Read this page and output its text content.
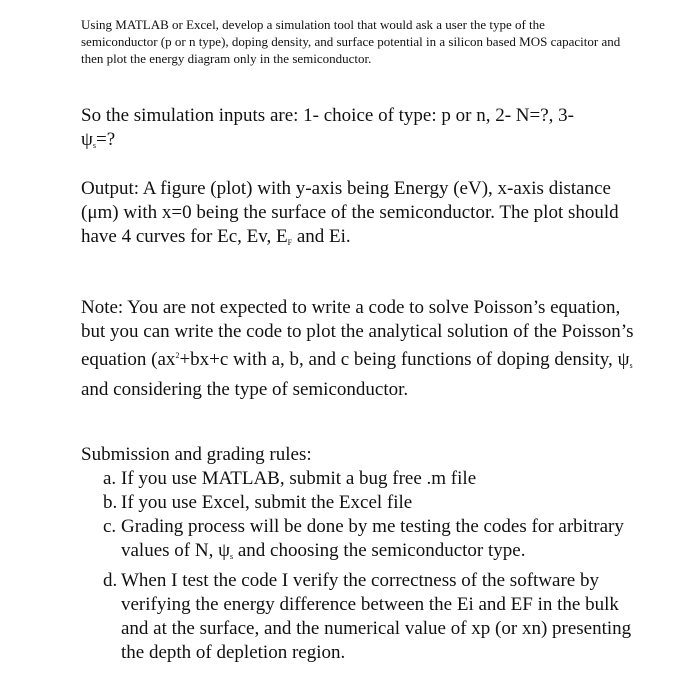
Using MATLAB or Excel, develop a simulation tool that would ask a user the type of the semiconductor (p or n type), doping density, and surface potential in a silicon based MOS capacitor and then plot the energy diagram only in the semiconductor.
So the simulation inputs are: 1- choice of type: p or n, 2- N=?, 3-
$\psi_s=$?
Output: A figure (plot) with y-axis being Energy (eV), x-axis distance (μm) with x=0 being the surface of the semiconductor. The plot should have 4 curves for Ec, Ev, $E_F$ and Ei.
Note: You are not expected to write a code to solve Poisson’s equation, but you can write the code to plot the analytical solution of the Poisson’s equation ($ax^2+bx+c$ with a, b, and c being functions of doping density, $\psi_s$ and considering the type of semiconductor.
Submission and grading rules:
a. If you use MATLAB, submit a bug free .m file
b. If you use Excel, submit the Excel file
c. Grading process will be done by me testing the codes for arbitrary values of N, $\psi_s$ and choosing the semiconductor type.
d. When I test the code I verify the correctness of the software by verifying the energy difference between the Ei and EF in the bulk and at the surface, and the numerical value of xp (or xn) presenting the depth of depletion region.
